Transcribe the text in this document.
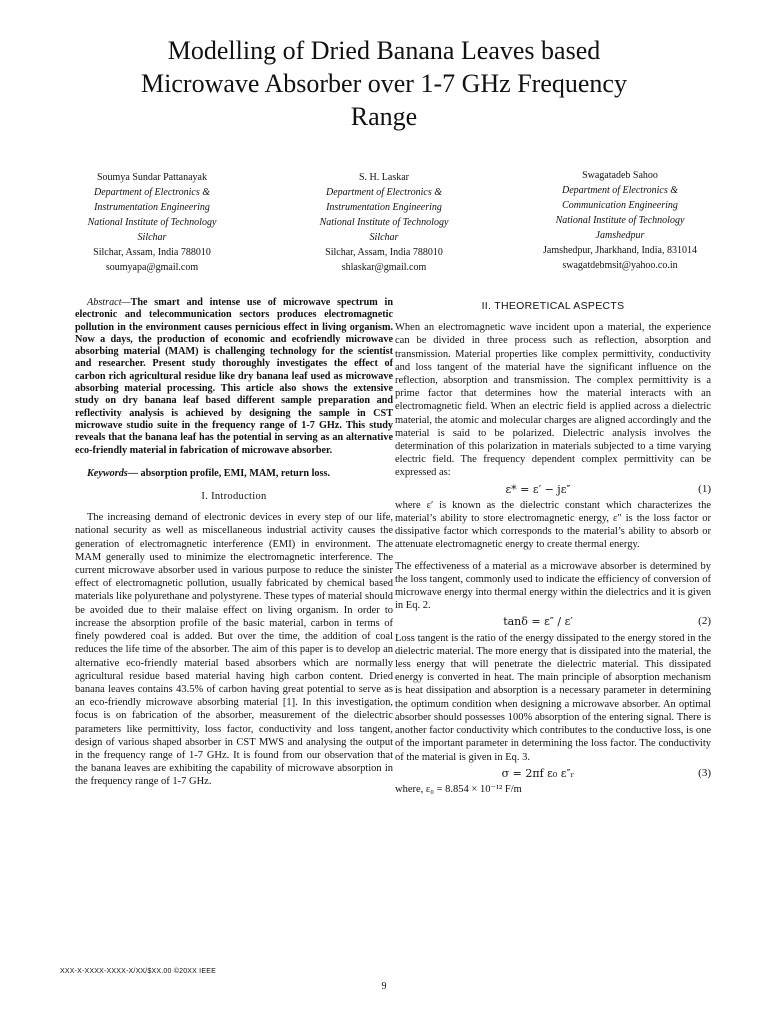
Modelling of Dried Banana Leaves based
Microwave Absorber over 1-7 GHz Frequency
Range
Soumya Sundar Pattanayak
Department of Electronics &
Instrumentation Engineering
National Institute of Technology
Silchar
Silchar, Assam, India 788010
soumyapa@gmail.com
S. H. Laskar
Department of Electronics &
Instrumentation Engineering
National Institute of Technology
Silchar
Silchar, Assam, India 788010
shlaskar@gmail.com
Swagatadeb Sahoo
Department of Electronics &
Communication Engineering
National Institute of Technology
Jamshedpur
Jamshedpur, Jharkhand, India, 831014
swagatdebmsit@yahoo.co.in

Abstract—The smart and intense use of microwave spectrum in electronic and telecommunication sectors produces electromagnetic pollution in the environment causes pernicious effect in living organism. Now a days, the production of economic and ecofriendly microwave absorbing material (MAM) is challenging technology for the scientist and researcher. Present study thoroughly investigates the effect of carbon rich agricultural residue like dry banana leaf used as microwave absorbing material processing. This article also shows the extensive study on dry banana leaf based different sample preparation and reflectivity analysis is achieved by designing the sample in CST microwave studio suite in the frequency range of 1-7 GHz. This study reveals that the banana leaf has the potential in serving as an alternative eco-friendly material in fabrication of microwave absorber.

Keywords— absorption profile, EMI, MAM, return loss.

I. Introduction

The increasing demand of electronic devices in every step of our life, national security as well as miscellaneous industrial activity causes the generation of electromagnetic interference (EMI) in environment. The MAM generally used to minimize the electromagnetic interference. The current microwave absorber used in various purpose to reduce the sinister effect of electromagnetic pollution, usually fabricated by chemical based materials like polyurethane and polystyrene. These types of material should be avoided due to their malaise effect on living organism. In order to increase the absorption profile of the basic material, carbon in terms of finely powdered coal is added. But over the time, the addition of coal reduces the life time of the absorber. The aim of this paper is to develop an alternative eco-friendly material based absorbers which are normally agricultural residue based material having high carbon content. Dried banana leaves contains 43.5% of carbon having great potential to serve as an eco-friendly microwave absorbing material [1]. In this investigation, focus is on fabrication of the absorber, measurement of the dielectric parameters like permittivity, loss factor, conductivity and loss tangent, design of various shaped absorber in CST MWS and analysing the output in the frequency range of 1-7 GHz. It is found from our observation that the banana leaves are exhibiting the capability of microwave absorption in the frequency range of 1-7 GHz.

II. THEORETICAL ASPECTS

When an electromagnetic wave incident upon a material, the experience can be divided in three process such as reflection, absorption and transmission. Material properties like complex permittivity, conductivity and loss tangent of the material have the significant influence on the reflection, absorption and transmission. The complex permittivity is a prime factor that determines how the material interacts with an electromagnetic field. When an electric field is applied across a dielectric material, the atomic and molecular charges are aligned accordingly and the material is said to be polarized. Dielectric analysis involves the determination of this polarization in materials subjected to a time varying electric field. The frequency dependent complex permittivity can be expressed as:

ε* = ε′ − jε″	(1)

where ε′ is known as the dielectric constant which characterizes the material’s ability to store electromagnetic energy, ε″ is the loss factor or dissipative factor which corresponds to the material’s ability to absorb or attenuate electromagnetic energy to create thermal energy.

The effectiveness of a material as a microwave absorber is determined by the loss tangent, commonly used to indicate the efficiency of conversion of microwave energy into thermal energy within the dielectrics and it is given in Eq. 2.

tanδ = ε″ / ε′	(2)

Loss tangent is the ratio of the energy dissipated to the energy stored in the dielectric material. The more energy that is dissipated into the material, the less energy that will penetrate the dielectric material. This dissipated energy is converted in heat. The main principle of absorption mechanism is heat dissipation and absorption is a necessary parameter in determining the optimum condition when designing a microwave absorber. An optimal absorber should possesses 100% absorption of the entering signal. There is another factor conductivity which contributes to the conductive loss, is one of the important parameter in determining the loss factor. The conductivity of the material is given in Eq. 3.

σ = 2πf ε₀ ε″ᵣ	(3)

where, ε₀ = 8.854 × 10⁻¹² F/m

XXX-X-XXXX-XXXX-X/XX/$XX.00 ©20XX IEEE
9
